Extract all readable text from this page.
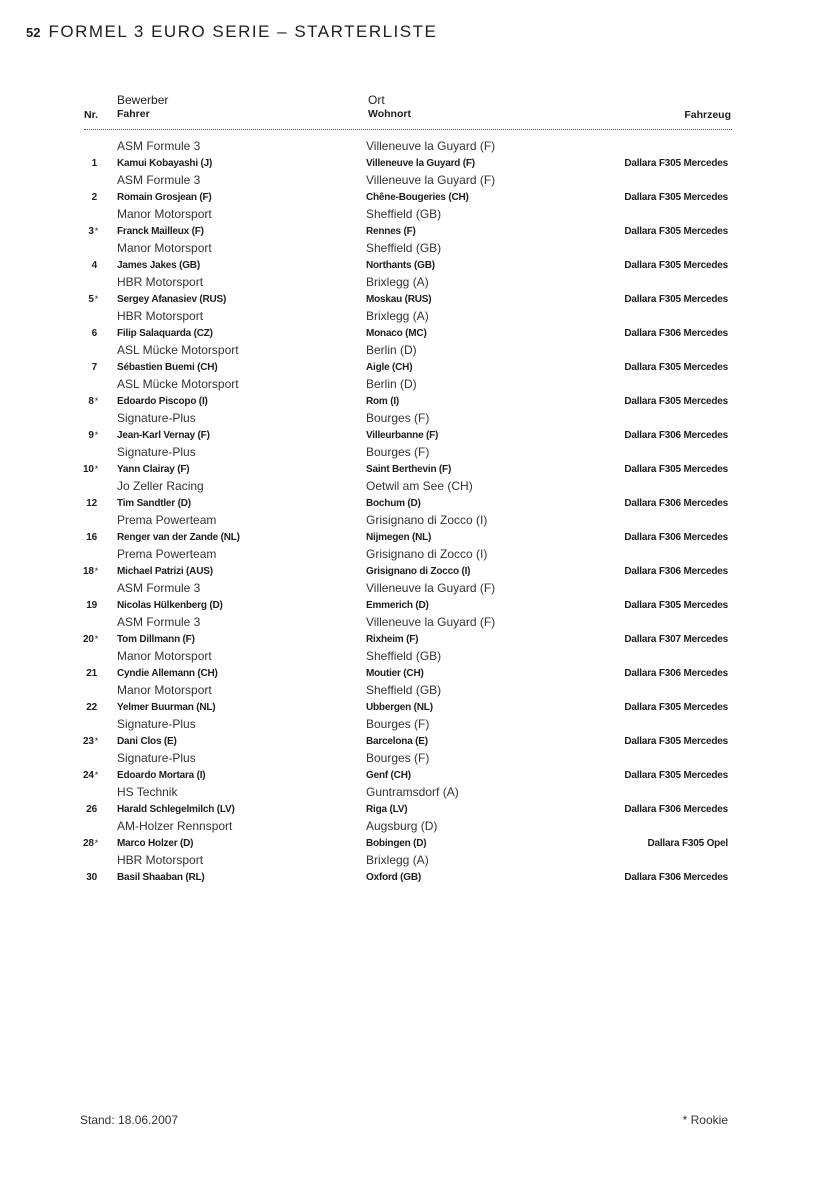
52 FORMEL 3 EURO SERIE – STARTERLISTE
Nr.
Bewerber
Fahrer
Ort
Wohnort	Fahrzeug
ASM Formule 3	Villeneuve la Guyard (F)
1 Kamui Kobayashi (J)	Villeneuve la Guyard (F)	Dallara F305 Mercedes
ASM Formule 3	Villeneuve la Guyard (F)
2 Romain Grosjean (F)	Chêne-Bougeries (CH)	Dallara F305 Mercedes
Manor Motorsport	Sheffield (GB)
3* Franck Mailleux (F)	Rennes (F)	Dallara F305 Mercedes
Manor Motorsport	Sheffield (GB)
4 James Jakes (GB)	Northants (GB)	Dallara F305 Mercedes
HBR Motorsport	Brixlegg (A)
5* Sergey Afanasiev (RUS)	Moskau (RUS)	Dallara F305 Mercedes
HBR Motorsport	Brixlegg (A)
6 Filip Salaquarda (CZ)	Monaco (MC)	Dallara F306 Mercedes
ASL Mücke Motorsport	Berlin (D)
7 Sébastien Buemi (CH)	Aigle (CH)	Dallara F305 Mercedes
ASL Mücke Motorsport	Berlin (D)
8* Edoardo Piscopo (I)	Rom (I)	Dallara F305 Mercedes
Signature-Plus	Bourges (F)
9* Jean-Karl Vernay (F)	Villeurbanne (F)	Dallara F306 Mercedes
Signature-Plus	Bourges (F)
10* Yann Clairay (F)	Saint Berthevin (F)	Dallara F305 Mercedes
Jo Zeller Racing	Oetwil am See (CH)
12 Tim Sandtler (D)	Bochum (D)	Dallara F306 Mercedes
Prema Powerteam	Grisignano di Zocco (I)
16 Renger van der Zande (NL)	Nijmegen (NL)	Dallara F306 Mercedes
Prema Powerteam	Grisignano di Zocco (I)
18* Michael Patrizi (AUS)	Grisignano di Zocco (I)	Dallara F306 Mercedes
ASM Formule 3	Villeneuve la Guyard (F)
19 Nicolas Hülkenberg (D)	Emmerich (D)	Dallara F305 Mercedes
ASM Formule 3	Villeneuve la Guyard (F)
20* Tom Dillmann (F)	Rixheim (F)	Dallara F307 Mercedes
Manor Motorsport	Sheffield (GB)
21 Cyndie Allemann (CH)	Moutier (CH)	Dallara F306 Mercedes
Manor Motorsport	Sheffield (GB)
22 Yelmer Buurman (NL)	Ubbergen (NL)	Dallara F305 Mercedes
Signature-Plus	Bourges (F)
23* Dani Clos (E)	Barcelona (E)	Dallara F305 Mercedes
Signature-Plus	Bourges (F)
24* Edoardo Mortara (I)	Genf (CH)	Dallara F305 Mercedes
HS Technik	Guntramsdorf (A)
26 Harald Schlegelmilch (LV)	Riga (LV)	Dallara F306 Mercedes
AM-Holzer Rennsport	Augsburg (D)
28* Marco Holzer (D)	Bobingen (D)	Dallara F305 Opel
HBR Motorsport	Brixlegg (A)
30 Basil Shaaban (RL)	Oxford (GB)	Dallara F306 Mercedes
Stand: 18.06.2007	* Rookie
